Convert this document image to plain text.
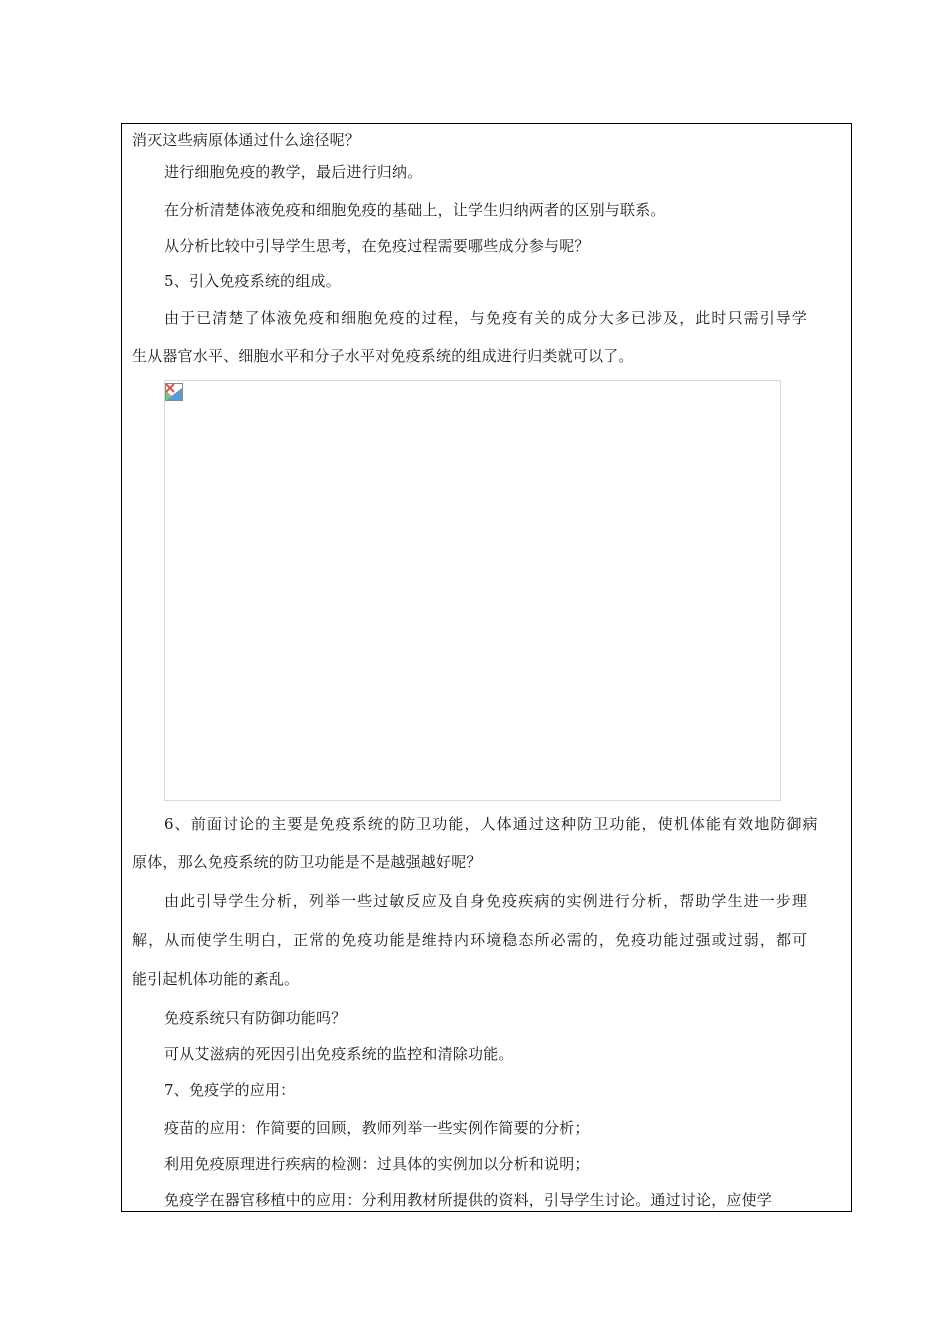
消灭这些病原体通过什么途径呢？
进行细胞免疫的教学，最后进行归纳。
在分析清楚体液免疫和细胞免疫的基础上，让学生归纳两者的区别与联系。
从分析比较中引导学生思考，在免疫过程需要哪些成分参与呢？
5、引入免疫系统的组成。
由于已清楚了体液免疫和细胞免疫的过程，与免疫有关的成分大多已涉及，此时只需引导学
生从器官水平、细胞水平和分子水平对免疫系统的组成进行归类就可以了。
6、前面讨论的主要是免疫系统的防卫功能，人体通过这种防卫功能，使机体能有效地防御病
原体，那么免疫系统的防卫功能是不是越强越好呢？
由此引导学生分析，列举一些过敏反应及自身免疫疾病的实例进行分析，帮助学生进一步理
解，从而使学生明白，正常的免疫功能是维持内环境稳态所必需的，免疫功能过强或过弱，都可
能引起机体功能的紊乱。
免疫系统只有防御功能吗？
可从艾滋病的死因引出免疫系统的监控和清除功能。
7、免疫学的应用：
疫苗的应用：作简要的回顾，教师列举一些实例作简要的分析；
利用免疫原理进行疾病的检测：过具体的实例加以分析和说明；
免疫学在器官移植中的应用：分利用教材所提供的资料，引导学生讨论。通过讨论，应使学
